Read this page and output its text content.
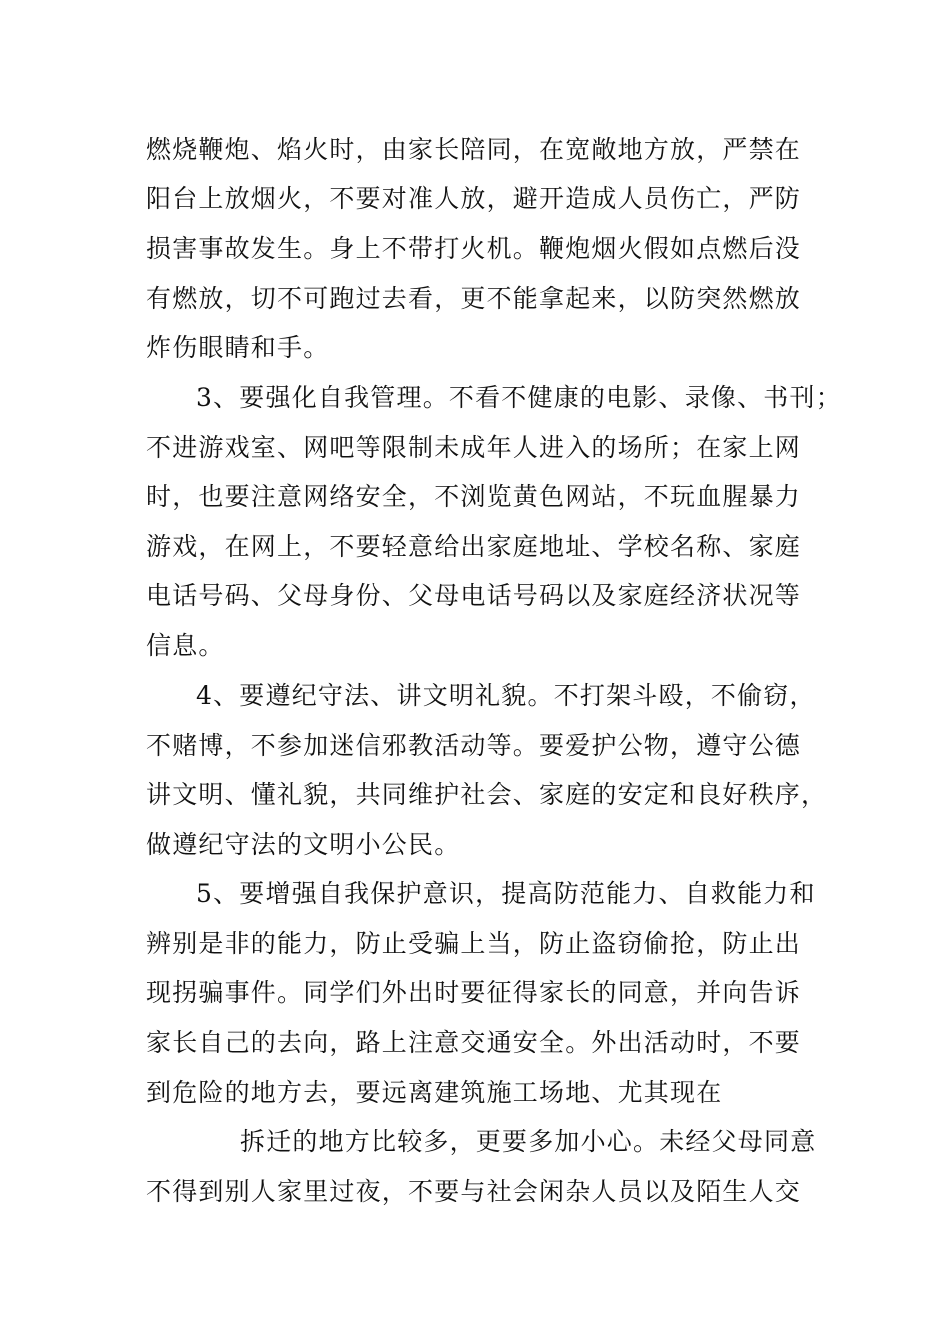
燃烧鞭炮、焰火时，由家长陪同，在宽敞地方放，严禁在
阳台上放烟火，不要对准人放，避开造成人员伤亡，严防
损害事故发生。身上不带打火机。鞭炮烟火假如点燃后没
有燃放，切不可跑过去看，更不能拿起来，以防突然燃放
炸伤眼睛和手。
3、要强化自我管理。不看不健康的电影、录像、书刊；
不进游戏室、网吧等限制未成年人进入的场所；在家上网
时，也要注意网络安全，不浏览黄色网站，不玩血腥暴力
游戏，在网上，不要轻意给出家庭地址、学校名称、家庭
电话号码、父母身份、父母电话号码以及家庭经济状况等
信息。
4、要遵纪守法、讲文明礼貌。不打架斗殴，不偷窃，
不赌博，不参加迷信邪教活动等。要爱护公物，遵守公德
讲文明、懂礼貌，共同维护社会、家庭的安定和良好秩序，
做遵纪守法的文明小公民。
5、要增强自我保护意识，提高防范能力、自救能力和
辨别是非的能力，防止受骗上当，防止盗窃偷抢，防止出
现拐骗事件。同学们外出时要征得家长的同意，并向告诉
家长自己的去向，路上注意交通安全。外出活动时，不要
到危险的地方去，要远离建筑施工场地、尤其现在
拆迁的地方比较多，更要多加小心。未经父母同意
不得到别人家里过夜，不要与社会闲杂人员以及陌生人交
